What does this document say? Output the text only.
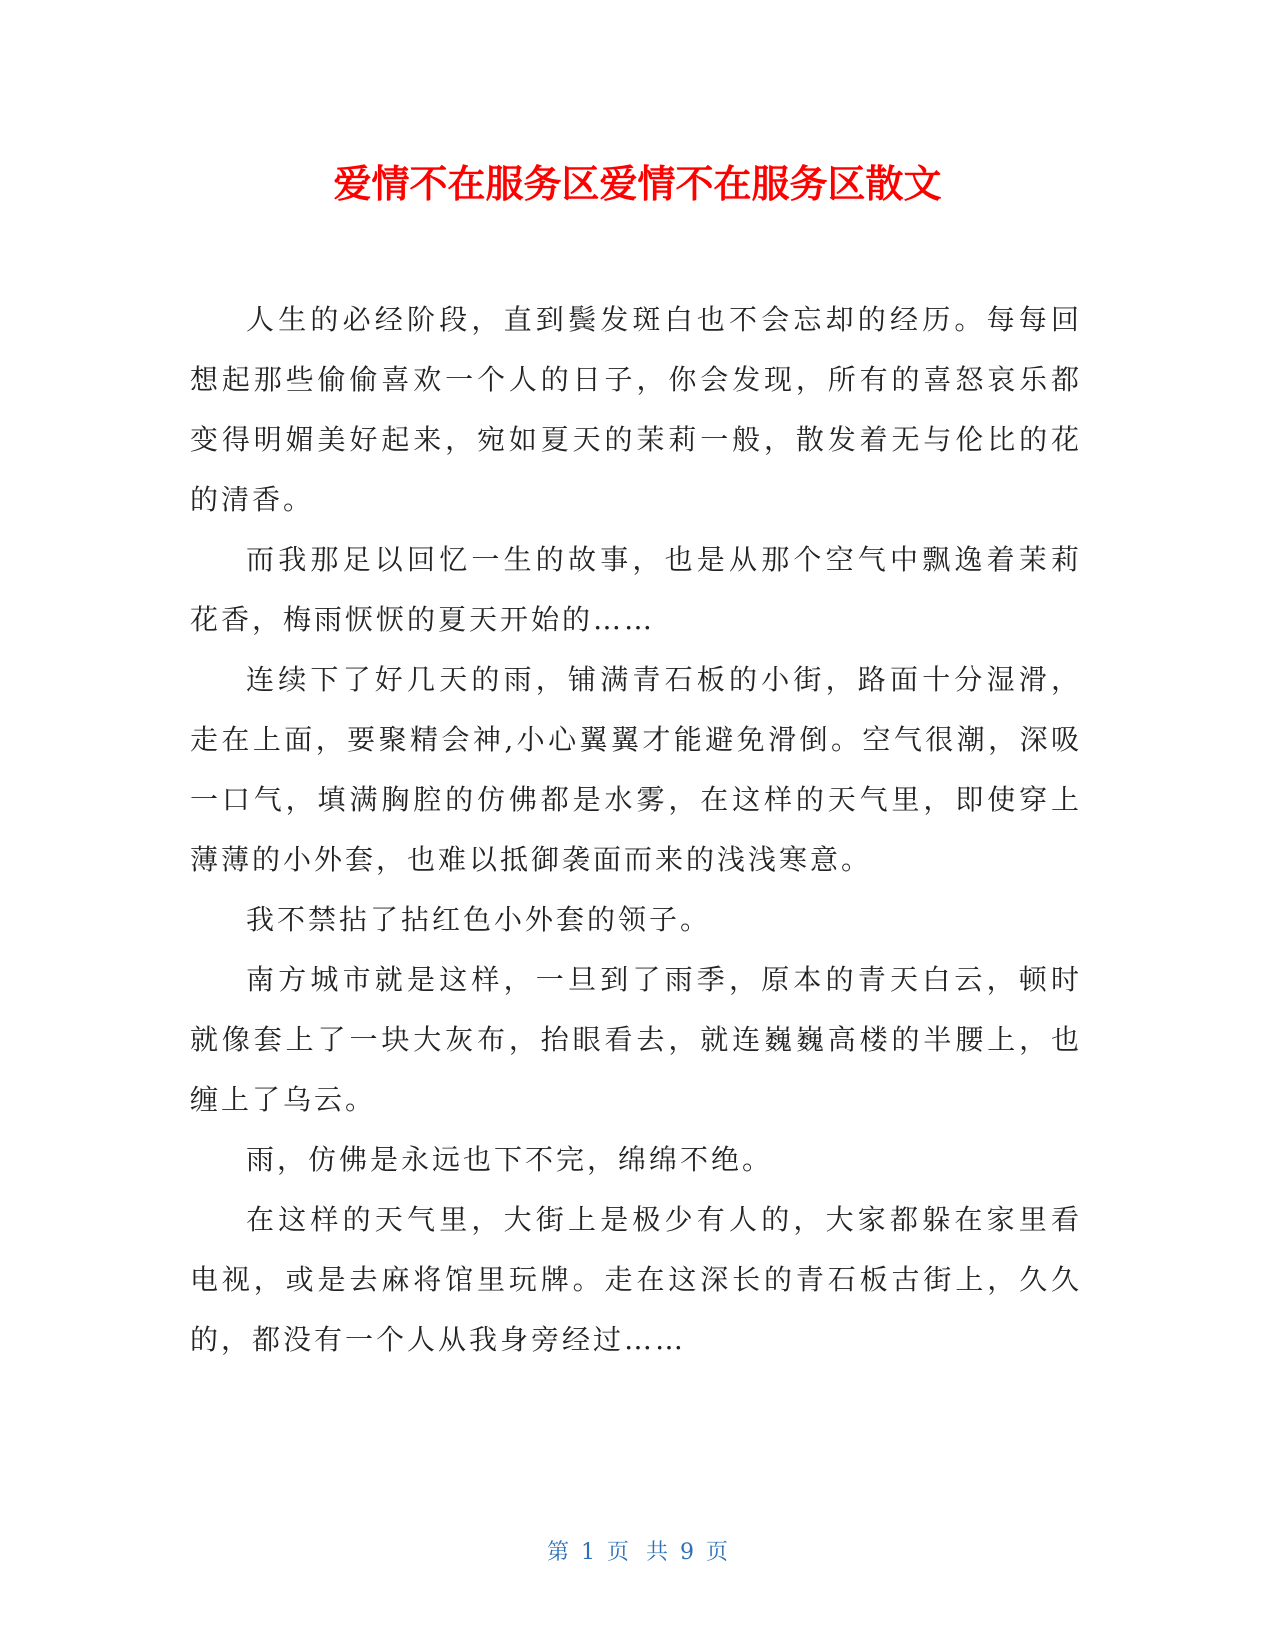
爱情不在服务区爱情不在服务区散文

人生的必经阶段，直到鬓发斑白也不会忘却的经历。每每回想起那些偷偷喜欢一个人的日子，你会发现，所有的喜怒哀乐都变得明媚美好起来，宛如夏天的茉莉一般，散发着无与伦比的花的清香。

而我那足以回忆一生的故事，也是从那个空气中飘逸着茉莉花香，梅雨恹恹的夏天开始的……

连续下了好几天的雨，铺满青石板的小街，路面十分湿滑，走在上面，要聚精会神,小心翼翼才能避免滑倒。空气很潮，深吸一口气，填满胸腔的仿佛都是水雾，在这样的天气里，即使穿上薄薄的小外套，也难以抵御袭面而来的浅浅寒意。

我不禁拈了拈红色小外套的领子。

南方城市就是这样，一旦到了雨季，原本的青天白云，顿时就像套上了一块大灰布，抬眼看去，就连巍巍高楼的半腰上，也缠上了乌云。

雨，仿佛是永远也下不完，绵绵不绝。

在这样的天气里，大街上是极少有人的，大家都躲在家里看电视，或是去麻将馆里玩牌。走在这深长的青石板古街上，久久的，都没有一个人从我身旁经过……

第 1 页 共 9 页
